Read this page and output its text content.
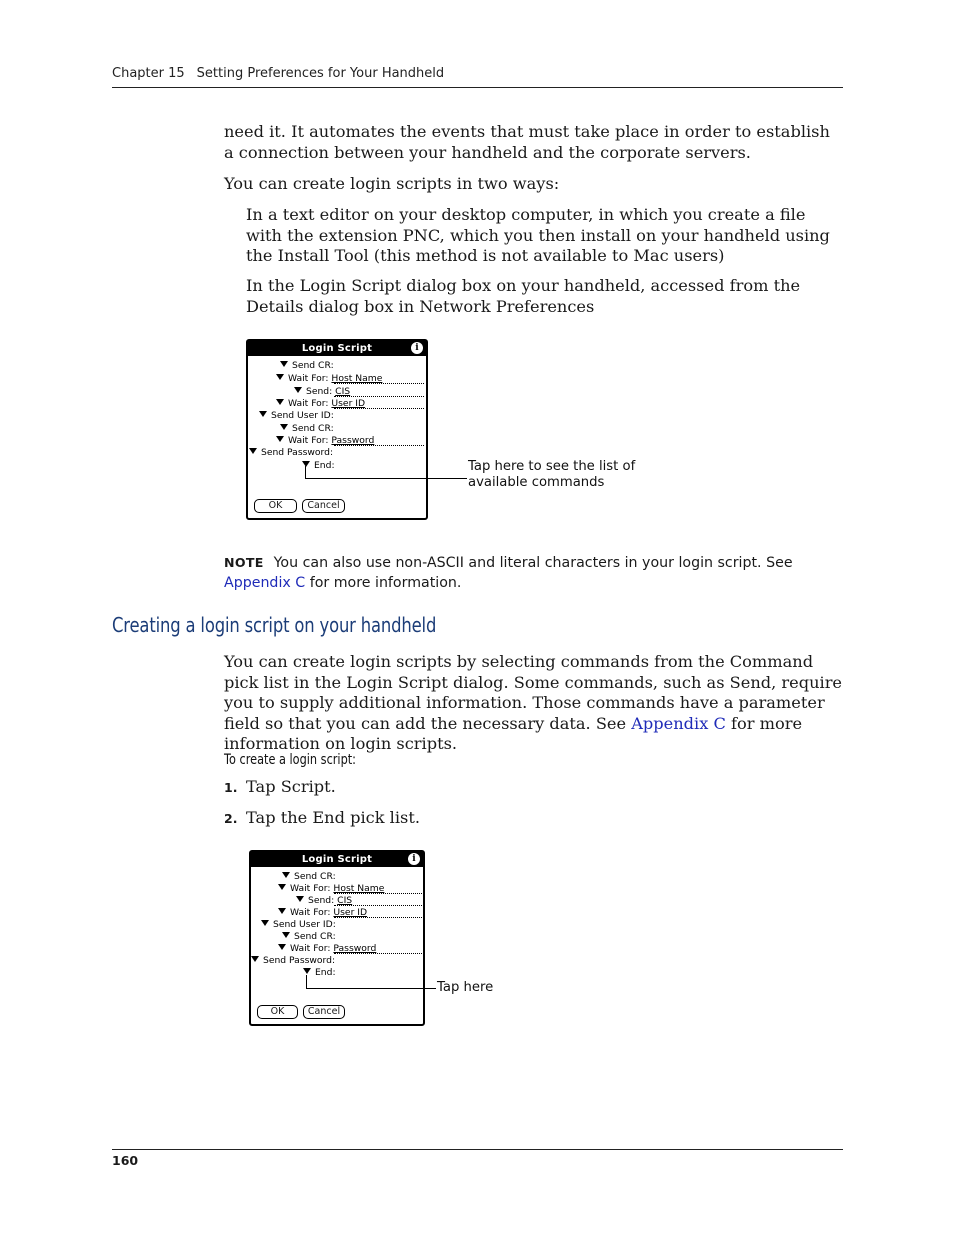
Chapter 15 Setting Preferences for Your Handheld
need it. It automates the events that must take place in order to establish a connection between your handheld and the corporate servers.
You can create login scripts in two ways:
In a text editor on your desktop computer, in which you create a file with the extension PNC, which you then install on your handheld using the Install Tool (this method is not available to Mac users)
In the Login Script dialog box on your handheld, accessed from the Details dialog box in Network Preferences
Login Script	i
Send CR:
Wait For: Host Name
Send: CIS
Wait For: User ID
Send User ID:
Send CR:
Wait For: Password
Send Password:
End:
OK	Cancel
Tap here to see the list of available commands
NOTE You can also use non-ASCII and literal characters in your login script. See
Appendix C for more information.
Creating a login script on your handheld
You can create login scripts by selecting commands from the Command pick list in the Login Script dialog. Some commands, such as Send, require you to supply additional information. Those commands have a parameter field so that you can add the necessary data. See Appendix C for more information on login scripts.
To create a login script:
1. Tap Script.
2. Tap the End pick list.
Login Script	i
Send CR:
Wait For: Host Name
Send: CIS
Wait For: User ID
Send User ID:
Send CR:
Wait For: Password
Send Password:
End:
OK	Cancel
Tap here
160
